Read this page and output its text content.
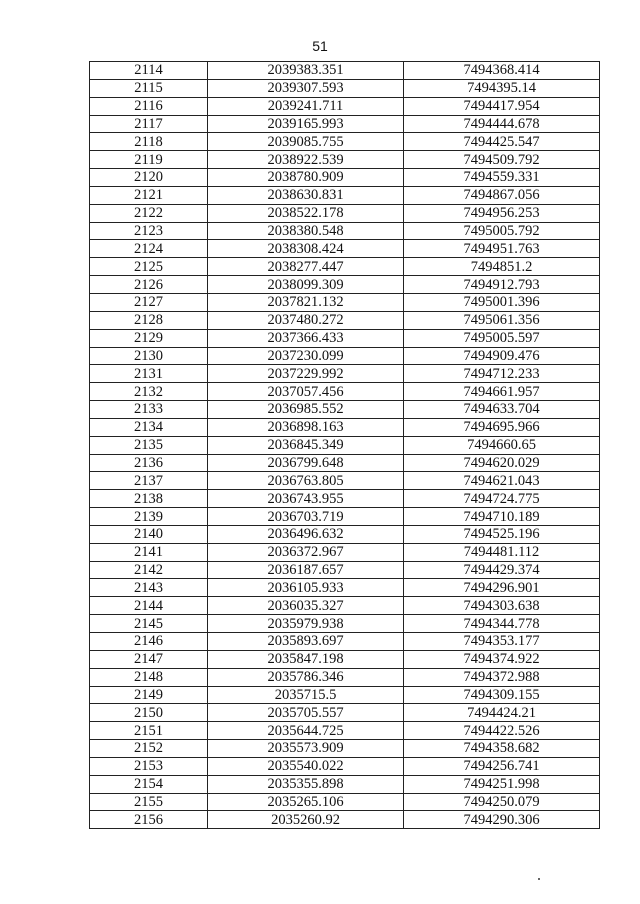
51
2114	2039383.351	7494368.414
2115	2039307.593	7494395.14
2116	2039241.711	7494417.954
2117	2039165.993	7494444.678
2118	2039085.755	7494425.547
2119	2038922.539	7494509.792
2120	2038780.909	7494559.331
2121	2038630.831	7494867.056
2122	2038522.178	7494956.253
2123	2038380.548	7495005.792
2124	2038308.424	7494951.763
2125	2038277.447	7494851.2
2126	2038099.309	7494912.793
2127	2037821.132	7495001.396
2128	2037480.272	7495061.356
2129	2037366.433	7495005.597
2130	2037230.099	7494909.476
2131	2037229.992	7494712.233
2132	2037057.456	7494661.957
2133	2036985.552	7494633.704
2134	2036898.163	7494695.966
2135	2036845.349	7494660.65
2136	2036799.648	7494620.029
2137	2036763.805	7494621.043
2138	2036743.955	7494724.775
2139	2036703.719	7494710.189
2140	2036496.632	7494525.196
2141	2036372.967	7494481.112
2142	2036187.657	7494429.374
2143	2036105.933	7494296.901
2144	2036035.327	7494303.638
2145	2035979.938	7494344.778
2146	2035893.697	7494353.177
2147	2035847.198	7494374.922
2148	2035786.346	7494372.988
2149	2035715.5	7494309.155
2150	2035705.557	7494424.21
2151	2035644.725	7494422.526
2152	2035573.909	7494358.682
2153	2035540.022	7494256.741
2154	2035355.898	7494251.998
2155	2035265.106	7494250.079
2156	2035260.92	7494290.306
